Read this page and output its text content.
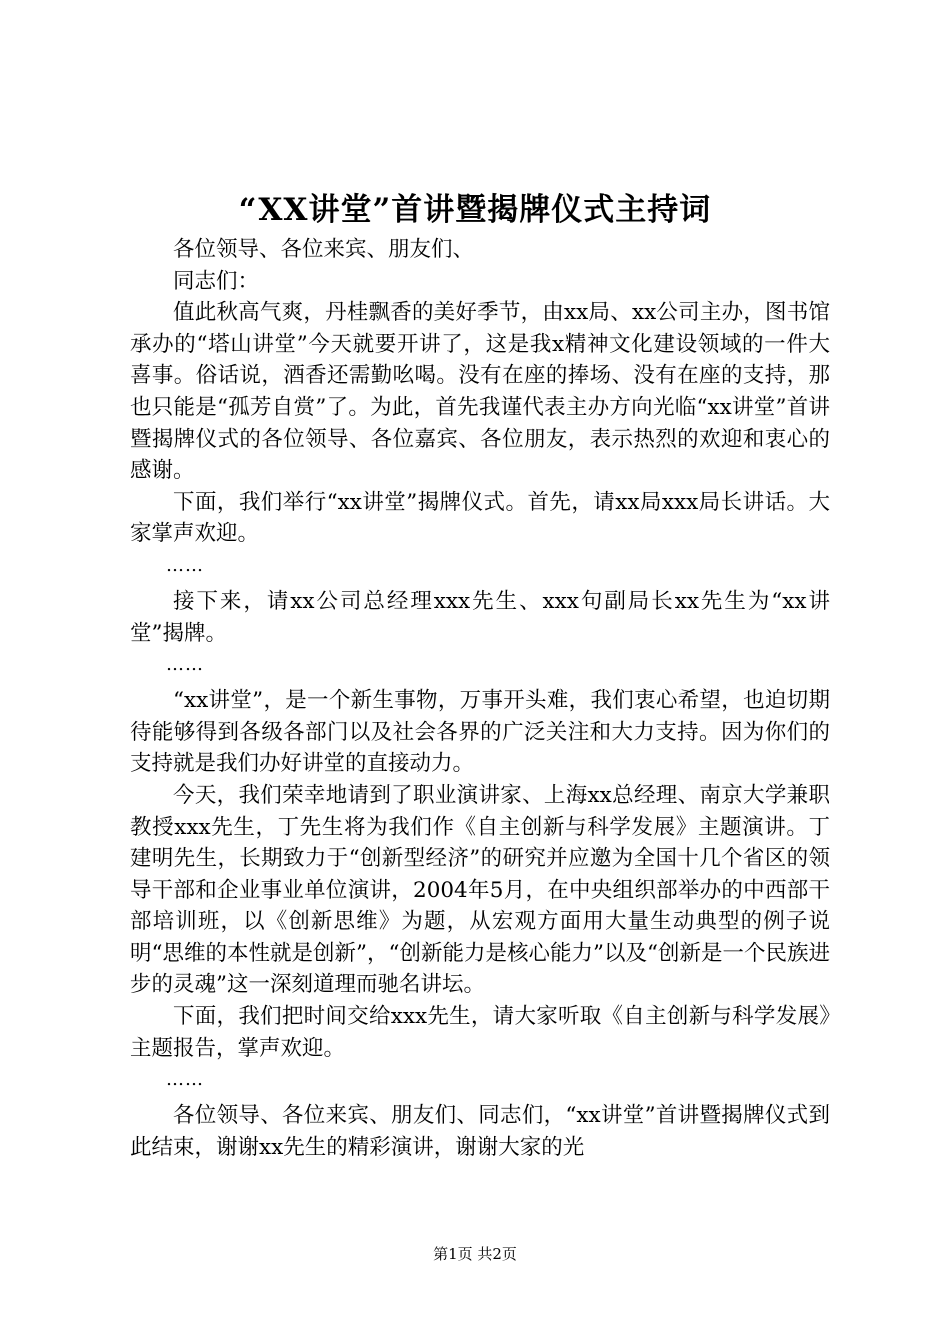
“XX讲堂”首讲暨揭牌仪式主持词

各位领导、各位来宾、朋友们、

同志们：

值此秋高气爽，丹桂飘香的美好季节，由xx局、xx公司主办，图书馆承办的“塔山讲堂”今天就要开讲了，这是我x精神文化建设领域的一件大喜事。俗话说，酒香还需勤吆喝。没有在座的捧场、没有在座的支持，那也只能是“孤芳自赏”了。为此，首先我谨代表主办方向光临“xx讲堂”首讲暨揭牌仪式的各位领导、各位嘉宾、各位朋友，表示热烈的欢迎和衷心的感谢。

下面，我们举行“xx讲堂”揭牌仪式。首先，请xx局xxx局长讲话。大家掌声欢迎。

……

接下来，请xx公司总经理xxx先生、xxx句副局长xx先生为“xx讲堂”揭牌。

……

“xx讲堂”，是一个新生事物，万事开头难，我们衷心希望，也迫切期待能够得到各级各部门以及社会各界的广泛关注和大力支持。因为你们的支持就是我们办好讲堂的直接动力。

今天，我们荣幸地请到了职业演讲家、上海xx总经理、南京大学兼职教授xxx先生，丁先生将为我们作《自主创新与科学发展》主题演讲。丁建明先生，长期致力于“创新型经济”的研究并应邀为全国十几个省区的领导干部和企业事业单位演讲，2004年5月，在中央组织部举办的中西部干部培训班，以《创新思维》为题，从宏观方面用大量生动典型的例子说明“思维的本性就是创新”，“创新能力是核心能力”以及“创新是一个民族进步的灵魂”这一深刻道理而驰名讲坛。

下面，我们把时间交给xxx先生，请大家听取《自主创新与科学发展》主题报告，掌声欢迎。

……

各位领导、各位来宾、朋友们、同志们，“xx讲堂”首讲暨揭牌仪式到此结束，谢谢xx先生的精彩演讲，谢谢大家的光

第1页 共2页
